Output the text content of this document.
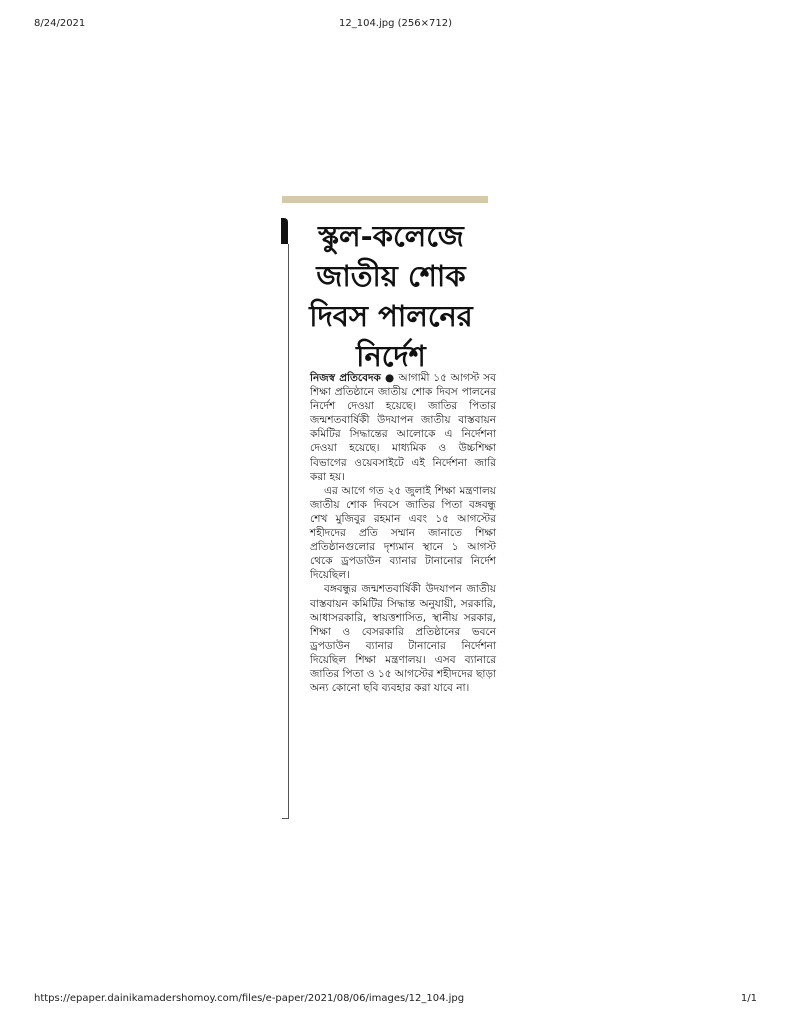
8/24/2021	12_104.jpg (256×712)
স্কুল-কলেজে জাতীয় শোক দিবস পালনের নির্দেশ

নিজস্ব প্রতিবেদক ● আগামী ১৫ আগস্ট সব শিক্ষা প্রতিষ্ঠানে জাতীয় শোক দিবস পালনের নির্দেশ দেওয়া হয়েছে। জাতির পিতার জন্মশতবার্ষিকী উদযাপন জাতীয় বাস্তবায়ন কমিটির সিদ্ধান্তের আলোকে এ নির্দেশনা দেওয়া হয়েছে। মাধ্যমিক ও উচ্চশিক্ষা বিভাগের ওয়েবসাইটে এই নির্দেশনা জারি করা হয়।

এর আগে গত ২৫ জুলাই শিক্ষা মন্ত্রণালয় জাতীয় শোক দিবসে জাতির পিতা বঙ্গবন্ধু শেখ মুজিবুর রহমান এবং ১৫ আগস্টের শহীদদের প্রতি সম্মান জানাতে শিক্ষা প্রতিষ্ঠানগুলোর দৃশ্যমান স্থানে ১ আগস্ট থেকে ড্রপডাউন ব্যানার টানানোর নির্দেশ দিয়েছিল।

বঙ্গবন্ধুর জন্মশতবার্ষিকী উদযাপন জাতীয় বাস্তবায়ন কমিটির সিদ্ধান্ত অনুযায়ী, সরকারি, আধাসরকারি, স্বায়ত্তশাসিত, স্থানীয় সরকার, শিক্ষা ও বেসরকারি প্রতিষ্ঠানের ভবনে ড্রপডাউন ব্যানার টানানোর নির্দেশনা দিয়েছিল শিক্ষা মন্ত্রণালয়। এসব ব্যানারে জাতির পিতা ও ১৫ আগস্টের শহীদদের ছাড়া অন্য কোনো ছবি ব্যবহার করা যাবে না।

https://epaper.dainikamadershomoy.com/files/e-paper/2021/08/06/images/12_104.jpg	1/1
